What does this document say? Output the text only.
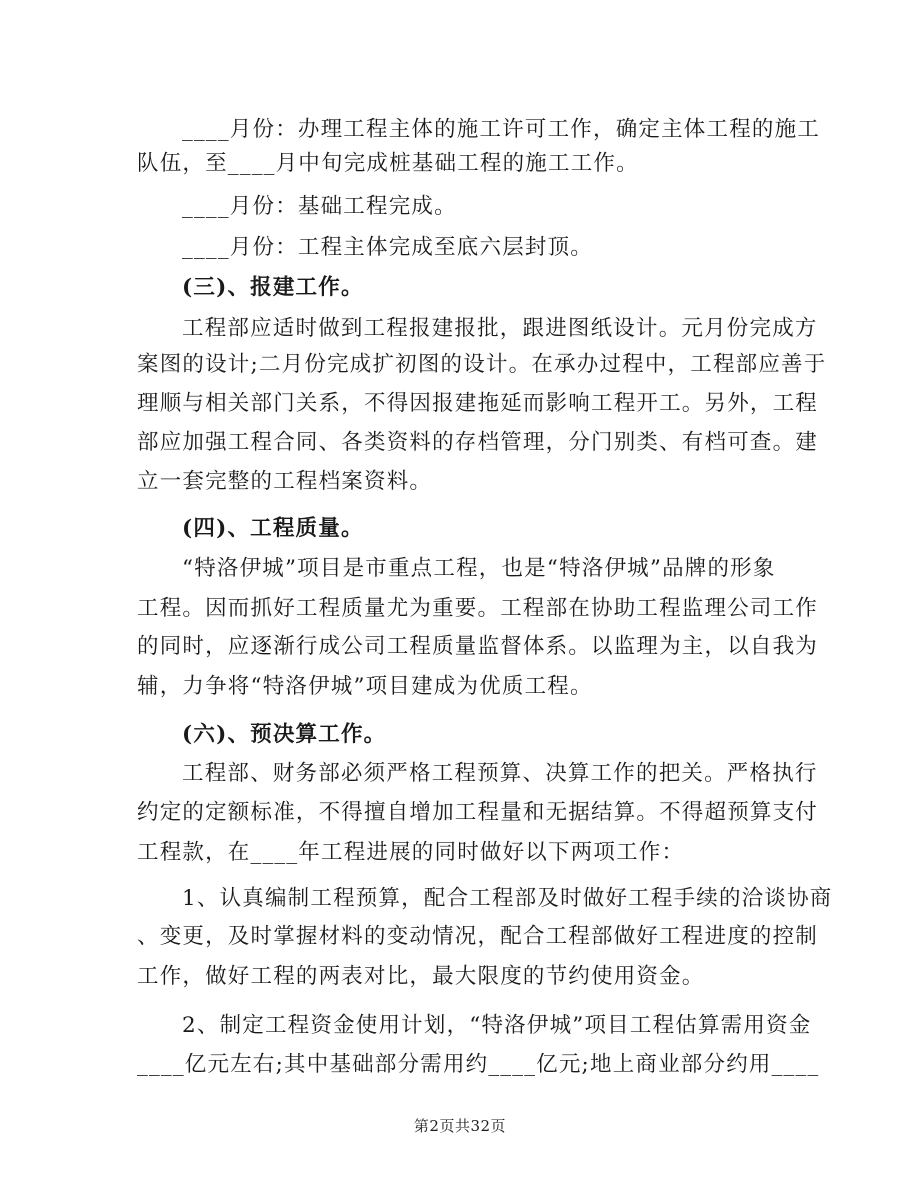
____月份：办理工程主体的施工许可工作，确定主体工程的施工
队伍，至____月中旬完成桩基础工程的施工工作。
____月份：基础工程完成。
____月份：工程主体完成至底六层封顶。
(三)、报建工作。
工程部应适时做到工程报建报批，跟进图纸设计。元月份完成方
案图的设计;二月份完成扩初图的设计。在承办过程中，工程部应善于
理顺与相关部门关系，不得因报建拖延而影响工程开工。另外，工程
部应加强工程合同、各类资料的存档管理，分门别类、有档可查。建
立一套完整的工程档案资料。
(四)、工程质量。
“特洛伊城”项目是市重点工程，也是“特洛伊城”品牌的形象
工程。因而抓好工程质量尤为重要。工程部在协助工程监理公司工作
的同时，应逐渐行成公司工程质量监督体系。以监理为主，以自我为
辅，力争将“特洛伊城”项目建成为优质工程。
(六)、预决算工作。
工程部、财务部必须严格工程预算、决算工作的把关。严格执行
约定的定额标准，不得擅自增加工程量和无据结算。不得超预算支付
工程款，在____年工程进展的同时做好以下两项工作：
1、认真编制工程预算，配合工程部及时做好工程手续的洽谈协商
、变更，及时掌握材料的变动情况，配合工程部做好工程进度的控制
工作，做好工程的两表对比，最大限度的节约使用资金。
2、制定工程资金使用计划，“特洛伊城”项目工程估算需用资金
____亿元左右;其中基础部分需用约____亿元;地上商业部分约用____
第2页共32页
